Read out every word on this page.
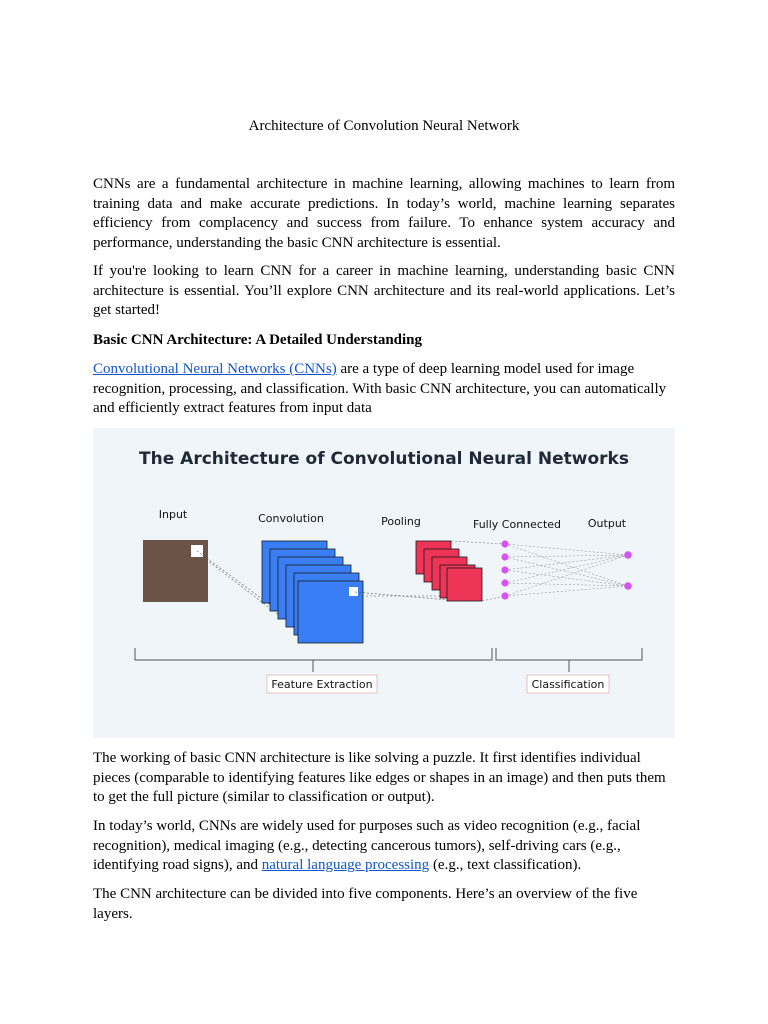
Architecture of Convolution Neural Network

CNNs are a fundamental architecture in machine learning, allowing machines to learn from training data and make accurate predictions. In today’s world, machine learning separates efficiency from complacency and success from failure. To enhance system accuracy and performance, understanding the basic CNN architecture is essential.

If you're looking to learn CNN for a career in machine learning, understanding basic CNN architecture is essential. You’ll explore CNN architecture and its real-world applications. Let’s get started!

Basic CNN Architecture: A Detailed Understanding

Convolutional Neural Networks (CNNs) are a type of deep learning model used for image recognition, processing, and classification. With basic CNN architecture, you can automatically and efficiently extract features from input data

The Architecture of Convolutional Neural Networks
Input	Convolution	Pooling	Fully Connected Output
Feature Extraction	Classification

The working of basic CNN architecture is like solving a puzzle. It first identifies individual pieces (comparable to identifying features like edges or shapes in an image) and then puts them to get the full picture (similar to classification or output).

In today’s world, CNNs are widely used for purposes such as video recognition (e.g., facial recognition), medical imaging (e.g., detecting cancerous tumors), self-driving cars (e.g., identifying road signs), and natural language processing (e.g., text classification).

The CNN architecture can be divided into five components. Here’s an overview of the five layers.
